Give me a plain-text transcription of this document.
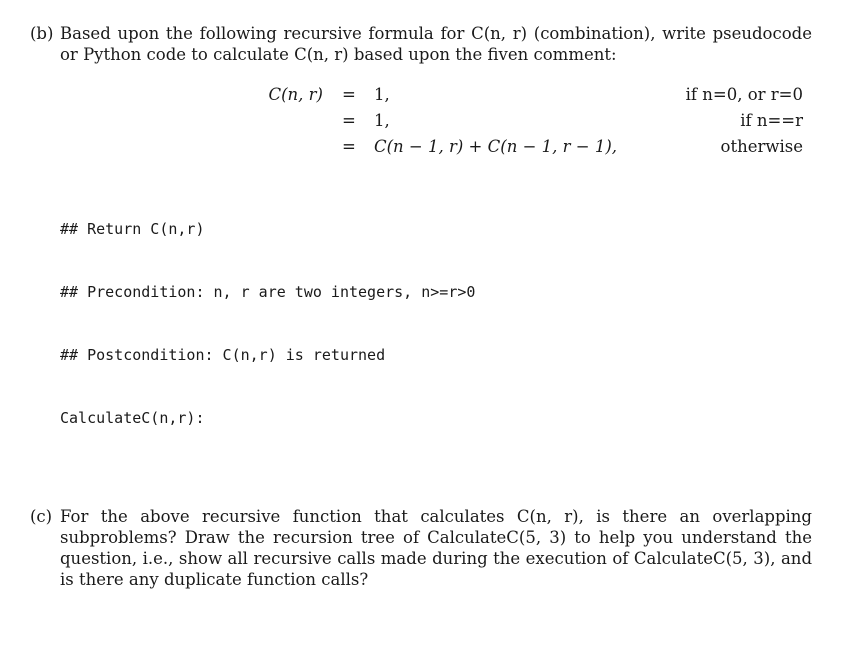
(b) Based upon the following recursive formula for C(n, r) (combination), write pseudocode or Python code to calculate C(n, r) based upon the fiven comment:
C(n, r) = 1,	if n=0, or r=0
= 1,	if n==r
= C(n − 1, r) + C(n − 1, r − 1),	otherwise

## Return C(n,r)

## Precondition: n, r are two integers, n>=r>0

## Postcondition: C(n,r) is returned

CalculateC(n,r):

(c) For the above recursive function that calculates C(n, r), is there an overlapping subproblems? Draw the recursion tree of CalculateC(5, 3) to help you understand the question, i.e., show all recursive calls made during the execution of CalculateC(5, 3), and is there any duplicate function calls?
